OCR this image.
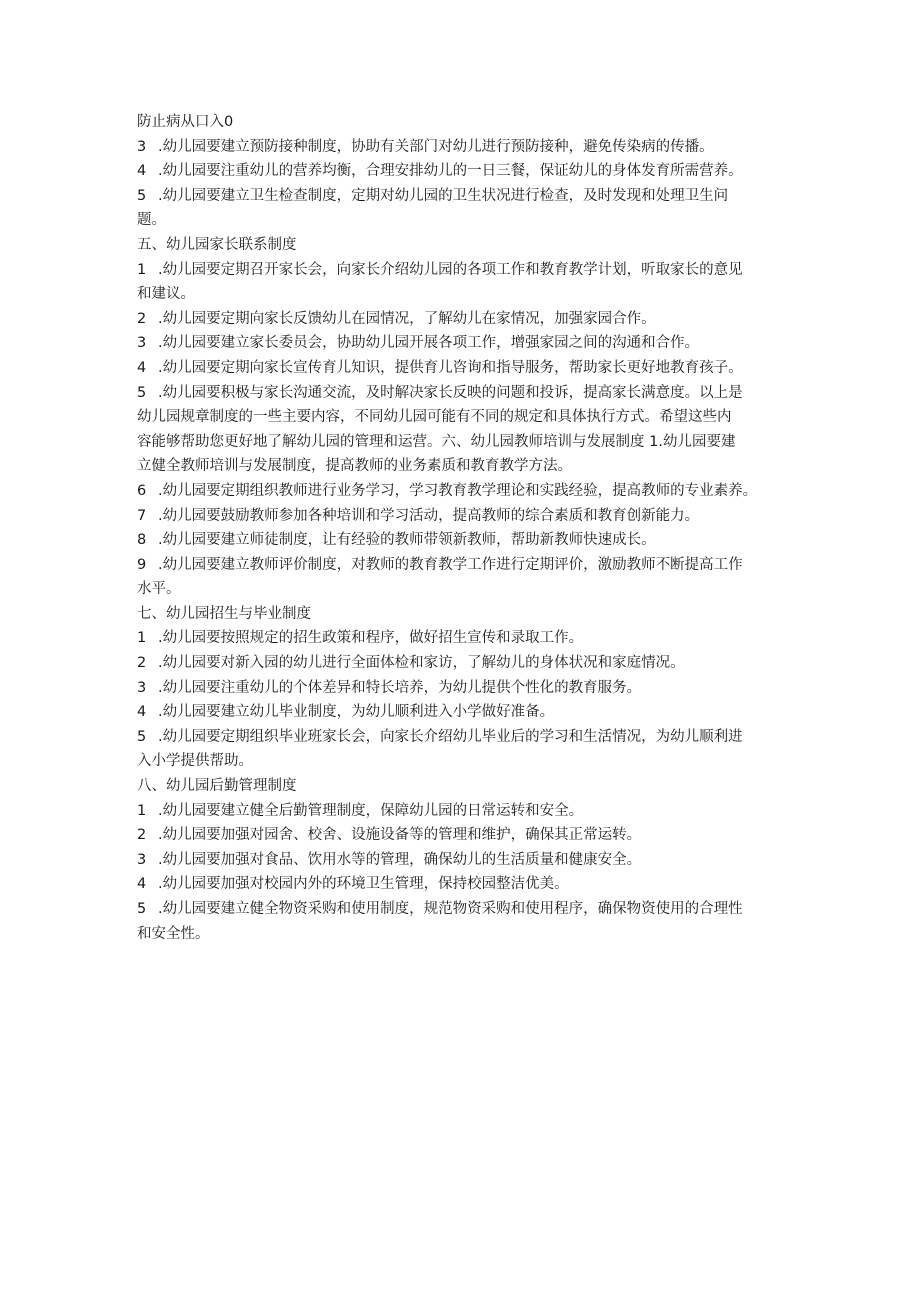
防止病从口入0
3 .幼儿园要建立预防接种制度，协助有关部门对幼儿进行预防接种，避免传染病的传播。
4 .幼儿园要注重幼儿的营养均衡，合理安排幼儿的一日三餐，保证幼儿的身体发育所需营养。
5 .幼儿园要建立卫生检查制度，定期对幼儿园的卫生状况进行检查，及时发现和处理卫生问
题。
五、幼儿园家长联系制度
1 .幼儿园要定期召开家长会，向家长介绍幼儿园的各项工作和教育教学计划，听取家长的意见
和建议。
2 .幼儿园要定期向家长反馈幼儿在园情况，了解幼儿在家情况，加强家园合作。
3 .幼儿园要建立家长委员会，协助幼儿园开展各项工作，增强家园之间的沟通和合作。
4 .幼儿园要定期向家长宣传育儿知识，提供育儿咨询和指导服务，帮助家长更好地教育孩子。
5 .幼儿园要积极与家长沟通交流，及时解决家长反映的问题和投诉，提高家长满意度。以上是
幼儿园规章制度的一些主要内容，不同幼儿园可能有不同的规定和具体执行方式。希望这些内
容能够帮助您更好地了解幼儿园的管理和运营。六、幼儿园教师培训与发展制度 1.幼儿园要建
立健全教师培训与发展制度，提高教师的业务素质和教育教学方法。
6 .幼儿园要定期组织教师进行业务学习，学习教育教学理论和实践经验，提高教师的专业素养。
7 .幼儿园要鼓励教师参加各种培训和学习活动，提高教师的综合素质和教育创新能力。
8 .幼儿园要建立师徒制度，让有经验的教师带领新教师，帮助新教师快速成长。
9 .幼儿园要建立教师评价制度，对教师的教育教学工作进行定期评价，激励教师不断提高工作
水平。
七、幼儿园招生与毕业制度
1 .幼儿园要按照规定的招生政策和程序，做好招生宣传和录取工作。
2 .幼儿园要对新入园的幼儿进行全面体检和家访，了解幼儿的身体状况和家庭情况。
3 .幼儿园要注重幼儿的个体差异和特长培养，为幼儿提供个性化的教育服务。
4 .幼儿园要建立幼儿毕业制度，为幼儿顺利进入小学做好准备。
5 .幼儿园要定期组织毕业班家长会，向家长介绍幼儿毕业后的学习和生活情况，为幼儿顺利进
入小学提供帮助。
八、幼儿园后勤管理制度
1 .幼儿园要建立健全后勤管理制度，保障幼儿园的日常运转和安全。
2 .幼儿园要加强对园舍、校舍、设施设备等的管理和维护，确保其正常运转。
3 .幼儿园要加强对食品、饮用水等的管理，确保幼儿的生活质量和健康安全。
4 .幼儿园要加强对校园内外的环境卫生管理，保持校园整洁优美。
5 .幼儿园要建立健全物资采购和使用制度，规范物资采购和使用程序，确保物资使用的合理性
和安全性。
